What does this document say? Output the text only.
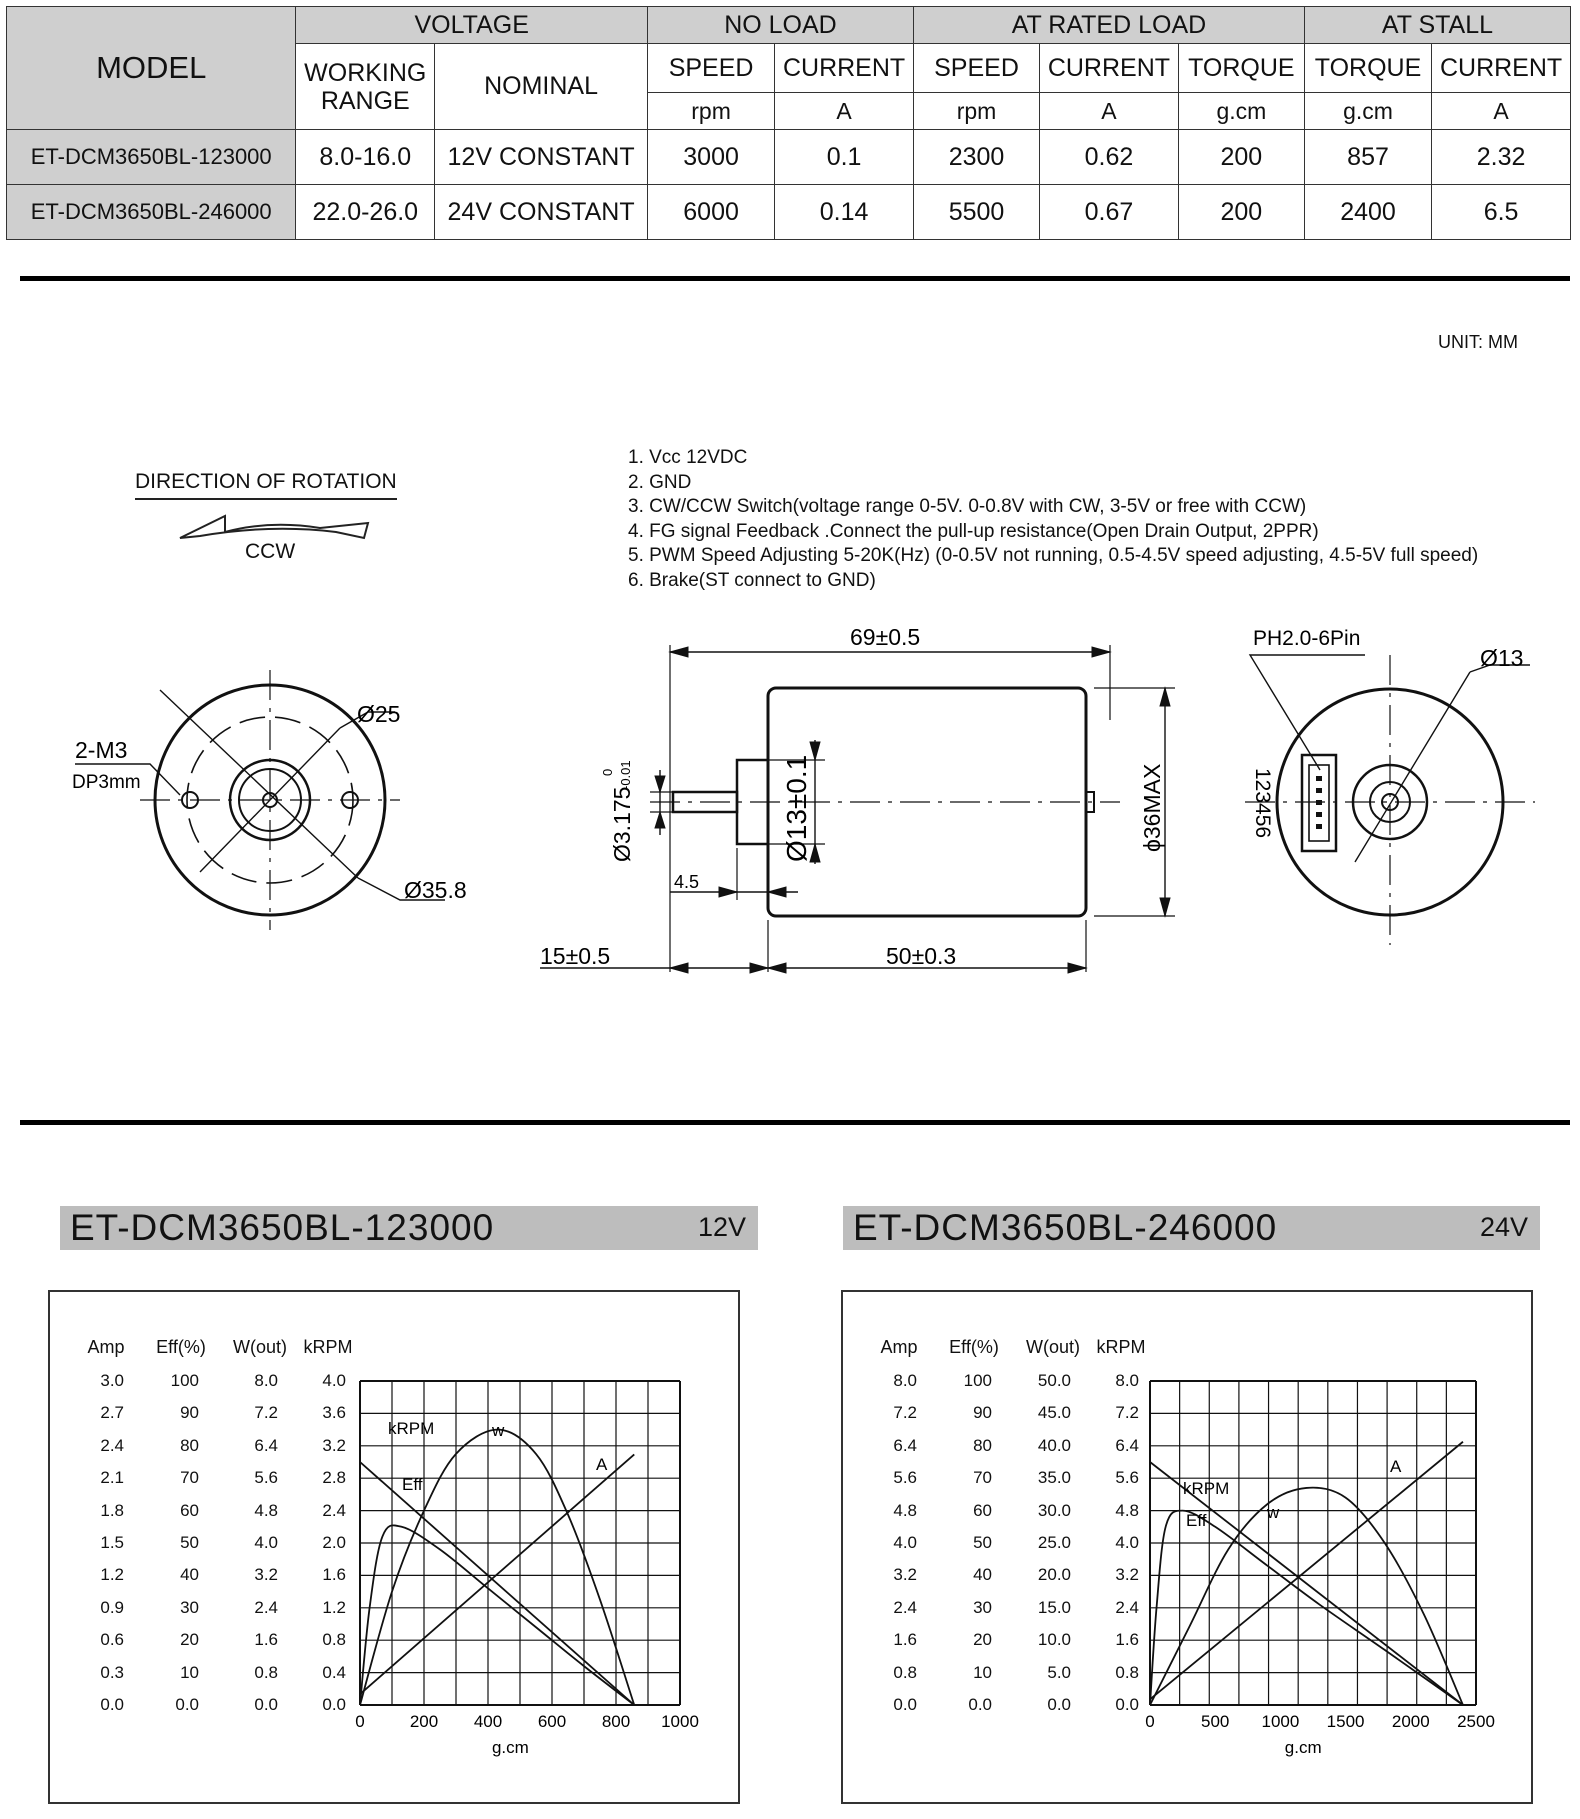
MODEL	VOLTAGE		NO LOAD		AT RATED LOAD			AT STALL	
	WORKING
RANGE	NOMINAL	SPEED	CURRENT	SPEED	CURRENT	TORQUE	TORQUE	CURRENT
			rpm	A	rpm	A	g.cm	g.cm	A
ET-DCM3650BL-123000	8.0-16.0	12V CONSTANT	3000	0.1	2300	0.62	200	857	2.32
ET-DCM3650BL-246000	22.0-26.0	24V CONSTANT	6000	0.14	5500	0.67	200	2400	6.5
UNIT: MM
DIRECTION OF ROTATION
CCW
1. Vcc 12VDC
2. GND
3. CW/CCW Switch(voltage range 0-5V. 0-0.8V with CW, 3-5V or free with CCW)
4. FG signal Feedback .Connect the pull-up resistance(Open Drain Output, 2PPR)
5. PWM Speed Adjusting 5-20K(Hz) (0-0.5V not running, 0.5-4.5V speed adjusting, 4.5-5V full speed)
6. Brake(ST connect to GND)
2-M3
DP3mm
Ø25
Ø35.8
69±0.5
15±0.5	50±0.3
4.5
Ø3.175
0 -0.01	Ø13±0.1	ϕ36MAX
PH2.0-6Pin
Ø13
123456
ET-DCM3650BL-123000	12V
Amp
3.0
2.7
2.4
2.1
1.8
1.5
1.2
0.9
0.6
0.3
0.0
Eff(%)
100
90
80
70
60
50
40
30
20
10
0.0
W(out)
8.0
7.2
6.4
5.6
4.8
4.0
3.2
2.4
1.6
0.8
0.0
kRPM
4.0
3.6
3.2
2.8
2.4
2.0
1.6
1.2
0.8
0.4
0.0
0	200 400 600 800 1000
g.cm
kRPM
A
w
Eff
ET-DCM3650BL-246000	24V
Amp
8.0
7.2
6.4
5.6
4.8
4.0
3.2
2.4
1.6
0.8
0.0
Eff(%)
100
90
80
70
60
50
40
30
20
10
0.0
W(out)
50.0
45.0
40.0
35.0
30.0
25.0
20.0
15.0
10.0
5.0
0.0
kRPM
8.0
7.2
6.4
5.6
4.8
4.0
3.2
2.4
1.6
0.8
0.0
0	500 1000 1500 2000 2500
g.cm
kRPM
A
w
Eff
